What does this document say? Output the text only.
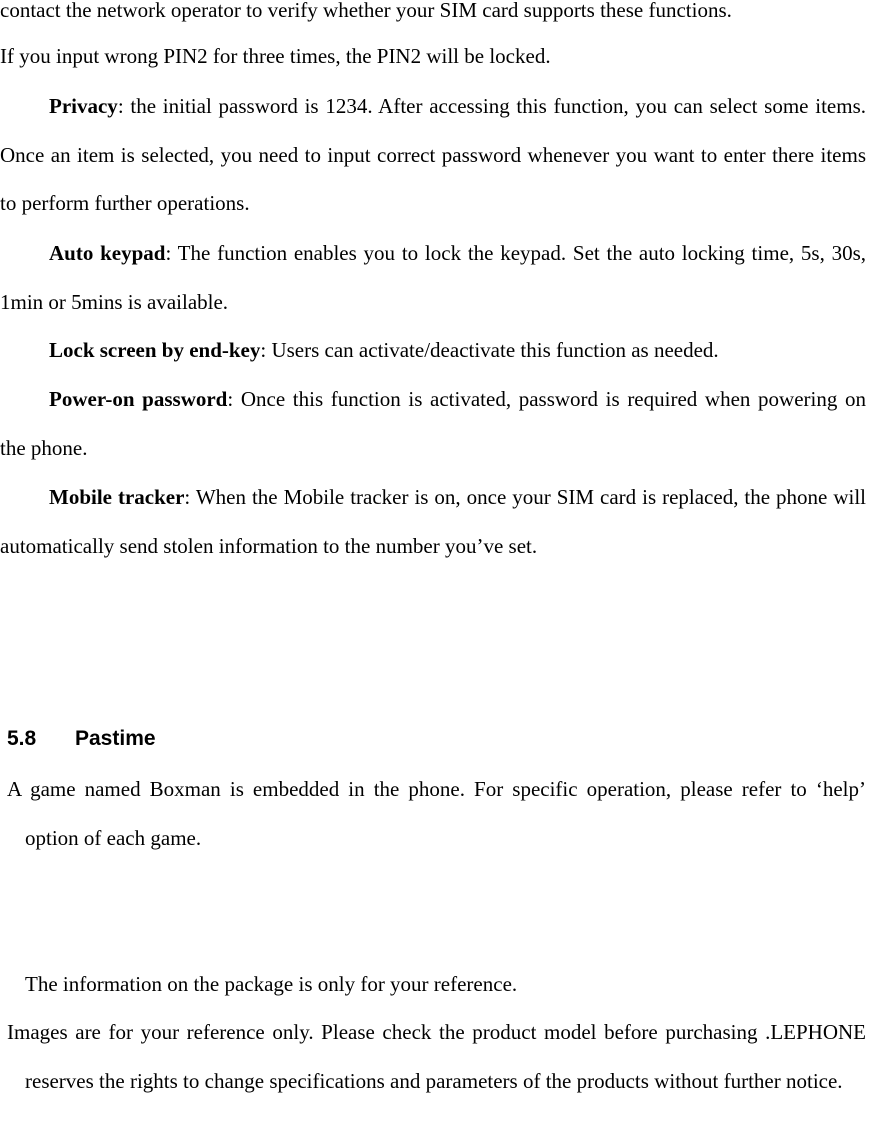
contact the network operator to verify whether your SIM card supports these functions.

If you input wrong PIN2 for three times, the PIN2 will be locked.

Privacy: the initial password is 1234. After accessing this function, you can select some items. Once an item is selected, you need to input correct password whenever you want to enter there items to perform further operations.

Auto keypad: The function enables you to lock the keypad. Set the auto locking time, 5s, 30s, 1min or 5mins is available.

Lock screen by end-key: Users can activate/deactivate this function as needed.

Power-on password: Once this function is activated, password is required when powering on the phone.

Mobile tracker: When the Mobile tracker is on, once your SIM card is replaced, the phone will automatically send stolen information to the number you’ve set.

5.8 Pastime

A game named Boxman is embedded in the phone. For specific operation, please refer to ‘help’ option of each game.

The information on the package is only for your reference.

Images are for your reference only. Please check the product model before purchasing .LEPHONE reserves the rights to change specifications and parameters of the products without further notice.
